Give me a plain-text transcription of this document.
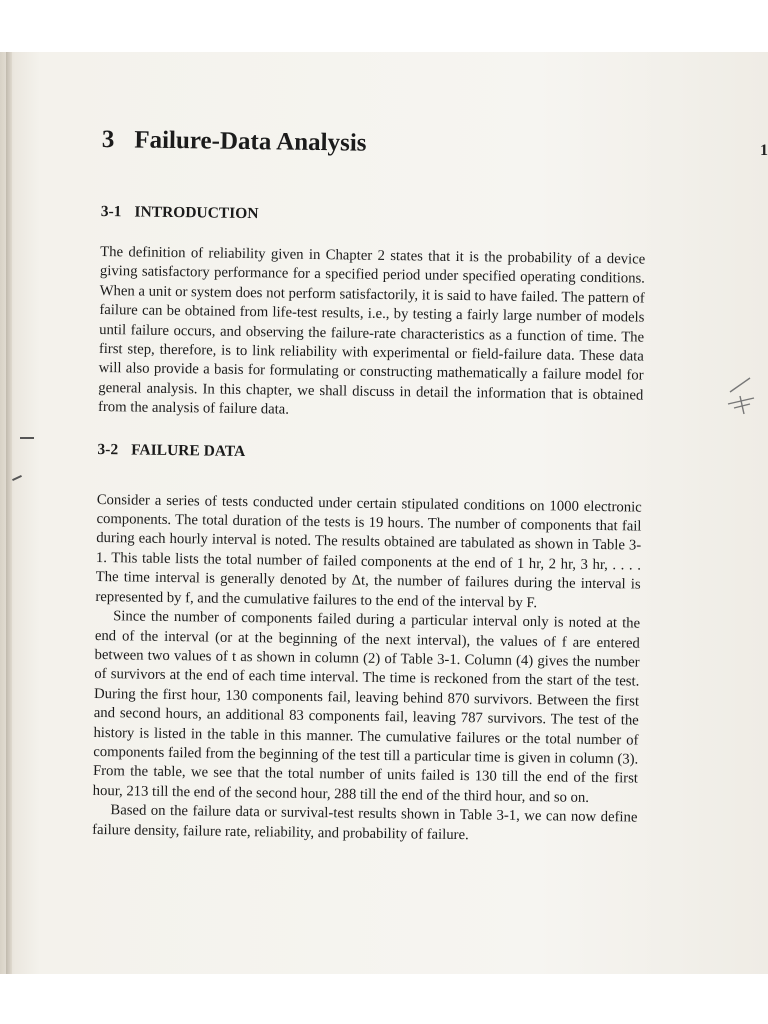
1
3 Failure-Data Analysis
3-1 INTRODUCTION

The definition of reliability given in Chapter 2 states that it is the probability of a device giving satisfactory performance for a specified period under specified operating conditions. When a unit or system does not perform satisfactorily, it is said to have failed. The pattern of failure can be obtained from life-test results, i.e., by testing a fairly large number of models until failure occurs, and observing the failure-rate characteristics as a function of time. The first step, therefore, is to link reliability with experimental or field-failure data. These data will also provide a basis for formulating or constructing mathematically a failure model for general analysis. In this chapter, we shall discuss in detail the information that is obtained from the analysis of failure data.

3-2 FAILURE DATA

Consider a series of tests conducted under certain stipulated conditions on 1000 electronic components. The total duration of the tests is 19 hours. The number of components that fail during each hourly interval is noted. The results obtained are tabulated as shown in Table 3-1. This table lists the total number of failed components at the end of 1 hr, 2 hr, 3 hr, . . . . The time interval is generally denoted by Δt, the number of failures during the interval is represented by f, and the cumulative failures to the end of the interval by F.

Since the number of components failed during a particular interval only is noted at the end of the interval (or at the beginning of the next interval), the values of f are entered between two values of t as shown in column (2) of Table 3-1. Column (4) gives the number of survivors at the end of each time interval. The time is reckoned from the start of the test. During the first hour, 130 components fail, leaving behind 870 survivors. Between the first and second hours, an additional 83 components fail, leaving 787 survivors. The test of the history is listed in the table in this manner. The cumulative failures or the total number of components failed from the beginning of the test till a particular time is given in column (3). From the table, we see that the total number of units failed is 130 till the end of the first hour, 213 till the end of the second hour, 288 till the end of the third hour, and so on.

Based on the failure data or survival-test results shown in Table 3-1, we can now define failure density, failure rate, reliability, and probability of failure.
